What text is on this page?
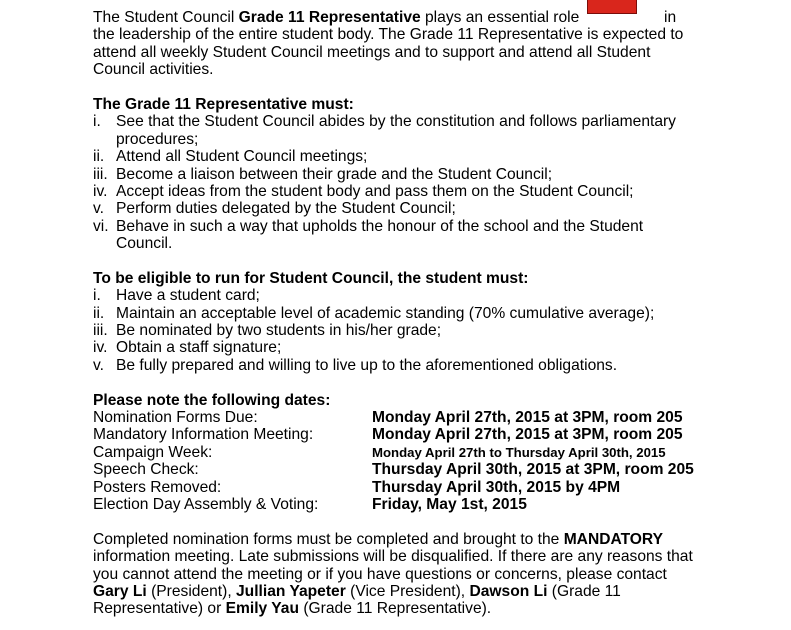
in
The Student Council Grade 11 Representative plays an essential role
the leadership of the entire student body. The Grade 11 Representative is expected to
attend all weekly Student Council meetings and to support and attend all Student
Council activities.
The Grade 11 Representative must:
i. See that the Student Council abides by the constitution and follows parliamentary
procedures;
ii. Attend all Student Council meetings;
iii. Become a liaison between their grade and the Student Council;
iv. Accept ideas from the student body and pass them on the Student Council;
v. Perform duties delegated by the Student Council;
vi. Behave in such a way that upholds the honour of the school and the Student
Council.
To be eligible to run for Student Council, the student must:
i. Have a student card;
ii. Maintain an acceptable level of academic standing (70% cumulative average);
iii. Be nominated by two students in his/her grade;
iv. Obtain a staff signature;
v. Be fully prepared and willing to live up to the aforementioned obligations.
Please note the following dates:
Nomination Forms Due:	Monday April 27th, 2015 at 3PM, room 205
Mandatory Information Meeting:	Monday April 27th, 2015 at 3PM, room 205
Campaign Week:	Monday April 27th to Thursday April 30th, 2015
Speech Check:	Thursday April 30th, 2015 at 3PM, room 205
Posters Removed:	Thursday April 30th, 2015 by 4PM
Election Day Assembly & Voting:	Friday, May 1st, 2015
Completed nomination forms must be completed and brought to the MANDATORY
information meeting. Late submissions will be disqualified. If there are any reasons that
you cannot attend the meeting or if you have questions or concerns, please contact
Gary Li (President), Jullian Yapeter (Vice President), Dawson Li (Grade 11
Representative) or Emily Yau (Grade 11 Representative).
